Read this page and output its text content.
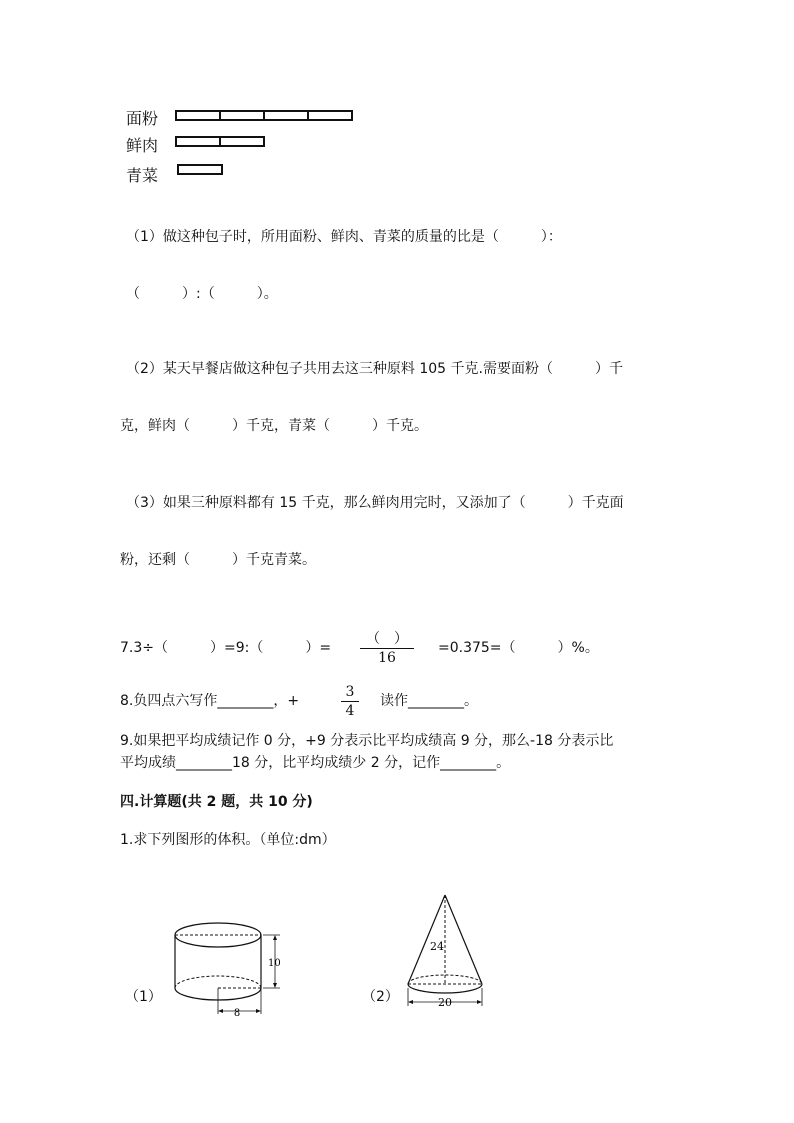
面粉
鲜肉
青菜
（1）做这种包子时，所用面粉、鲜肉、青菜的质量的比是（　　　）：
（　　　）:（　　　）。
（2）某天早餐店做这种包子共用去这三种原料 105 千克.需要面粉（　　　）千
克，鲜肉（　　　）千克，青菜（　　　）千克。
（3）如果三种原料都有 15 千克，那么鲜肉用完时，又添加了（　　　）千克面
粉，还剩（　　　）千克青菜。
7.3÷（　　　）=9:（　　　）=
（　）
16
=0.375=（　　　）%。
8.负四点六写作________，+
3
4
读作________。
9.如果把平均成绩记作 0 分，+9 分表示比平均成绩高 9 分，那么-18 分表示比
平均成绩________18 分，比平均成绩少 2 分，记作________。
四.计算题(共 2 题，共 10 分)
1.求下列图形的体积。（单位:dm）
（1）	（2）
10
8
24
20
